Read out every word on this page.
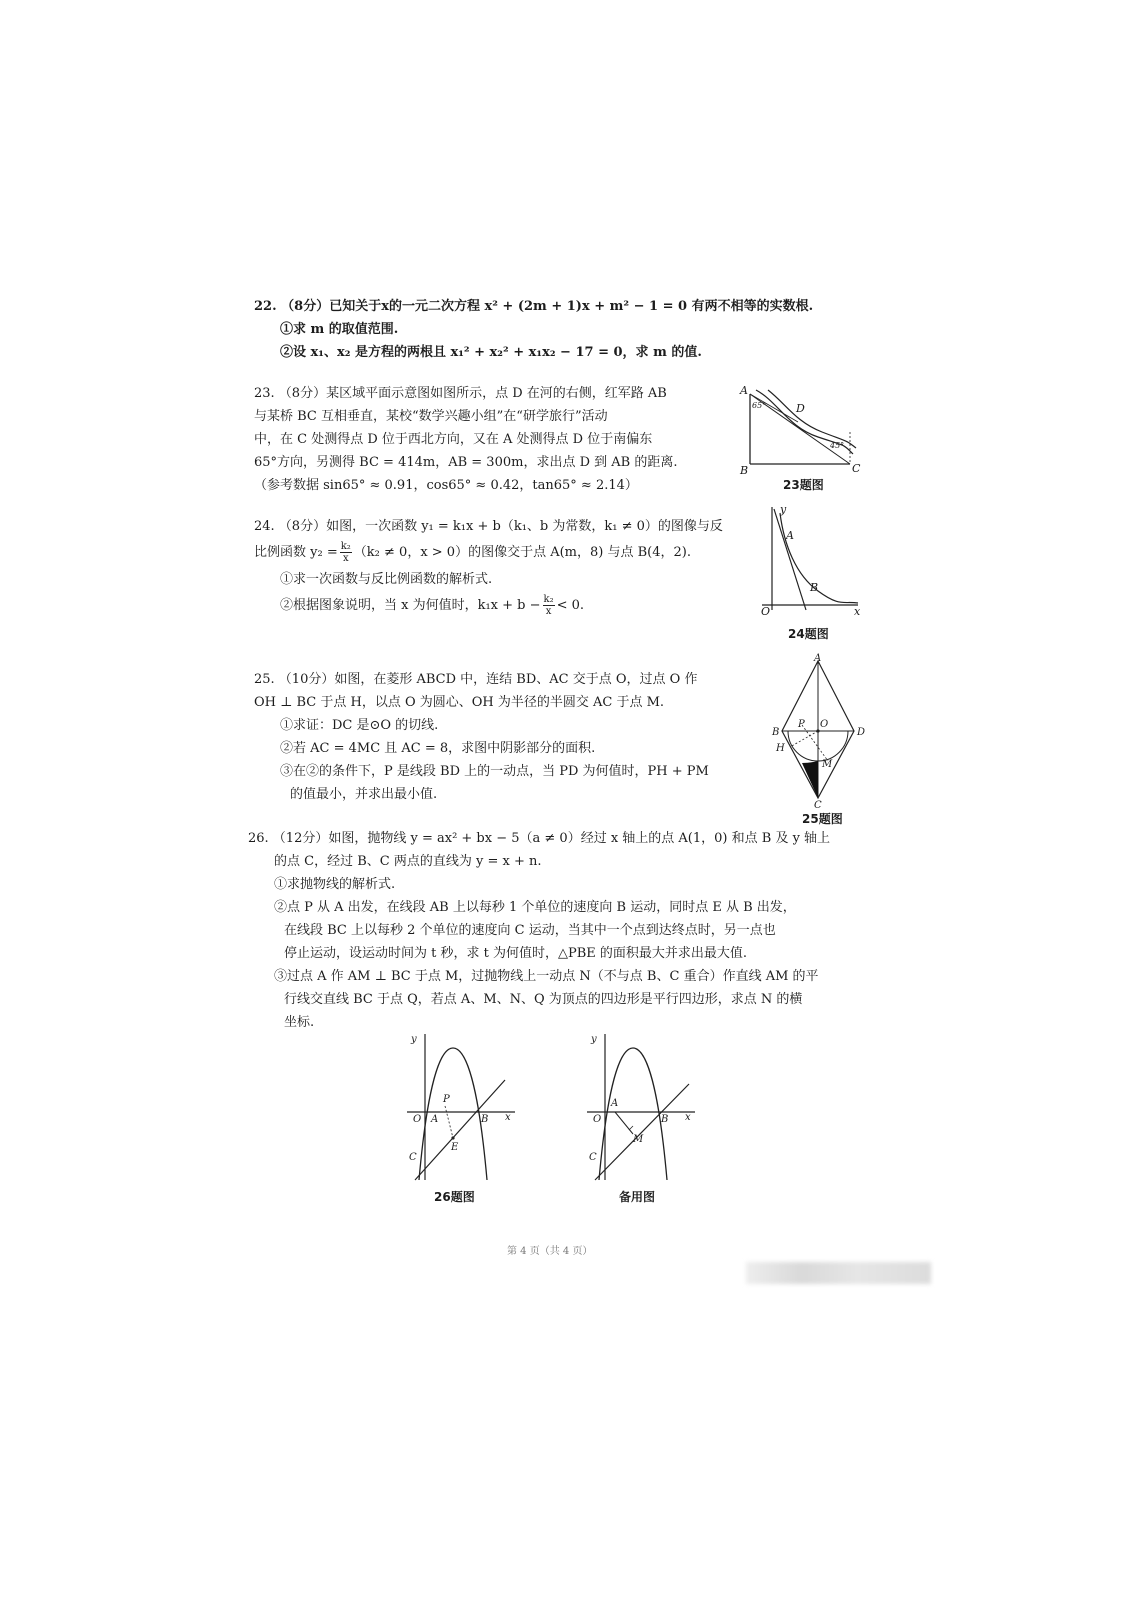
22. （8分）已知关于x的一元二次方程 x² + (2m + 1)x + m² − 1 = 0 有两不相等的实数根.

①求 m 的取值范围.

②设 x₁、x₂ 是方程的两根且 x₁² + x₂² + x₁x₂ − 17 = 0，求 m 的值.

23. （8分）某区域平面示意图如图所示，点 D 在河的右侧，红军路 AB

与某桥 BC 互相垂直，某校“数学兴趣小组”在“研学旅行”活动

中，在 C 处测得点 D 位于西北方向，又在 A 处测得点 D 位于南偏东

65°方向，另测得 BC = 414m，AB = 300m，求出点 D 到 AB 的距离.

（参考数据 sin65° ≈ 0.91，cos65° ≈ 0.42，tan65° ≈ 2.14）

A
B	C
D
65°
45°
23题图

24. （8分）如图，一次函数 y₁ = k₁x + b（k₁、b 为常数，k₁ ≠ 0）的图像与反

比例函数 $y_2 = \frac{\text{k₂}}{x} (k_2 \ne 0$，x > 0）的图像交于点 A(m，8) 与点 B(4，2).

①求一次函数与反比例函数的解析式.

②根据图象说明，当 x 为何值时，$k_1x + b - \frac{\text{k₂}}{x} < 0$.

y
x
O
A
B
24题图

25. （10分）如图，在菱形 ABCD 中，连结 BD、AC 交于点 O，过点 O 作

OH ⊥ BC 于点 H，以点 O 为圆心、OH 为半径的半圆交 AC 于点 M.

①求证：DC 是⊙O 的切线.

②若 AC = 4MC 且 AC = 8，求图中阴影部分的面积.

③在②的条件下，P 是线段 BD 上的一动点，当 PD 为何值时，PH + PM

的值最小，并求出最小值.

A
B	D
C
O
P
H
M
25题图

26. （12分）如图，抛物线 y = ax² + bx − 5（a ≠ 0）经过 x 轴上的点 A(1，0) 和点 B 及 y 轴上

的点 C，经过 B、C 两点的直线为 y = x + n.

①求抛物线的解析式.

②点 P 从 A 出发，在线段 AB 上以每秒 1 个单位的速度向 B 运动，同时点 E 从 B 出发，

在线段 BC 上以每秒 2 个单位的速度向 C 运动，当其中一个点到达终点时，另一点也

停止运动，设运动时间为 t 秒，求 t 为何值时，△PBE 的面积最大并求出最大值.

③过点 A 作 AM ⊥ BC 于点 M，过抛物线上一动点 N（不与点 B、C 重合）作直线 AM 的平

行线交直线 BC 于点 Q，若点 A、M、N、Q 为顶点的四边形是平行四边形，求点 N 的横

坐标.

y
x
O A	B
C
P
E
26题图
y
x
O
A
B
C
M
备用图
第 4 页（共 4 页）
